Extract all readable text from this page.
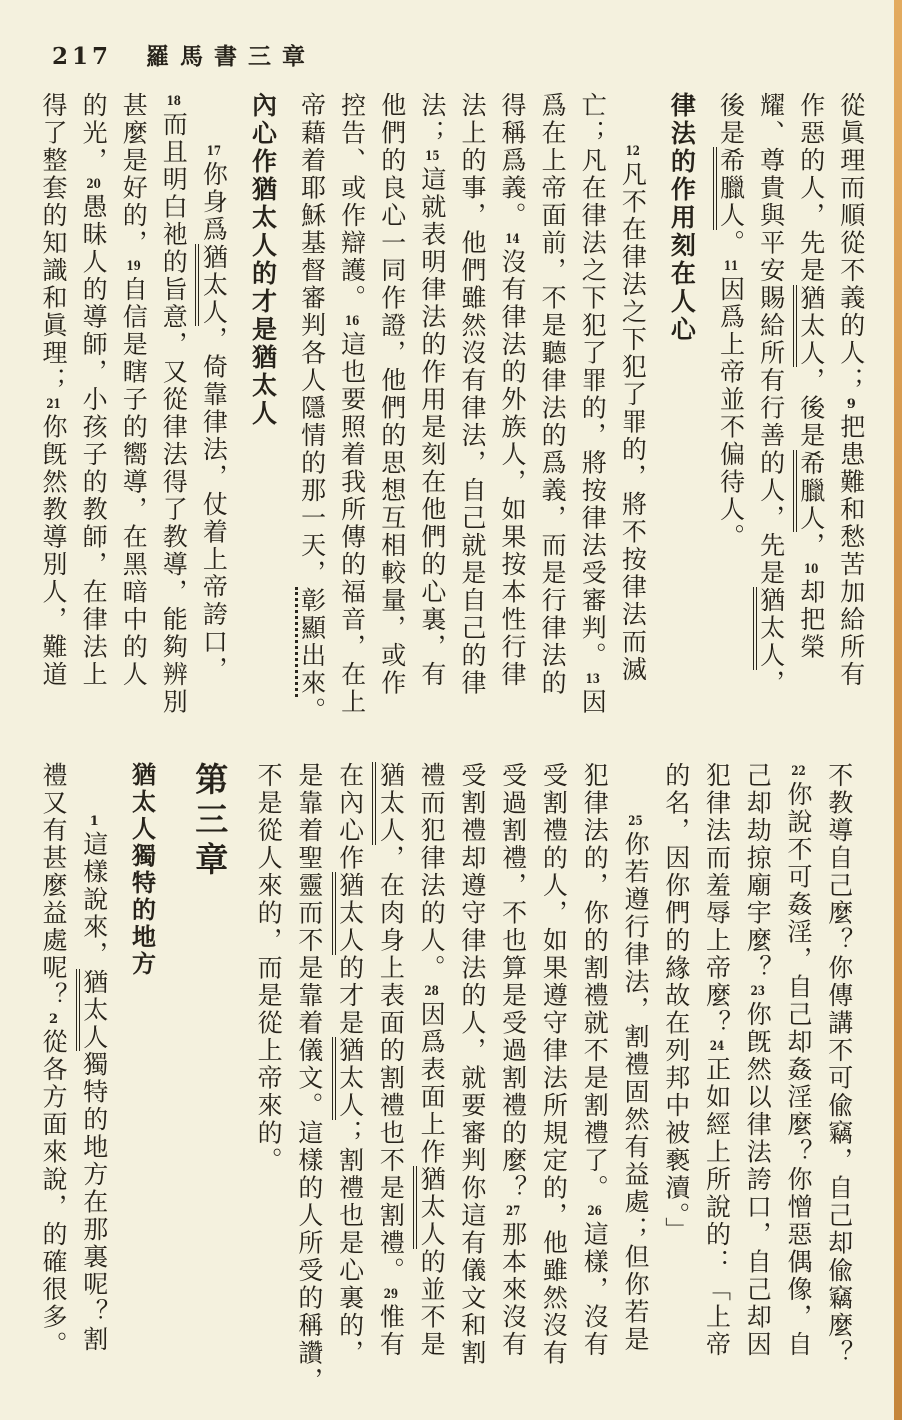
217 羅馬書三章
從眞理而順從不義的人；9把患難和愁苦加給所有
作惡的人，先是猶太人，後是希臘人，10却把榮
耀、尊貴與平安賜給所有行善的人，先是猶太人，
後是希臘人。11因爲上帝並不偏待人。
律法的作用刻在人心
12凡不在律法之下犯了罪的，將不按律法而滅
亡；凡在律法之下犯了罪的，將按律法受審判。13因
爲在上帝面前，不是聽律法的爲義，而是行律法的
得稱爲義。14沒有律法的外族人，如果按本性行律
法上的事，他們雖然沒有律法，自己就是自己的律
法；15這就表明律法的作用是刻在他們的心裏，有
他們的良心一同作證，他們的思想互相較量，或作
控告、或作辯護。16這也要照着我所傳的福音，在上
帝藉着耶穌基督審判各人隱情的那一天，彰顯出來。
內心作猶太人的才是猶太人
17你身爲猶太人，倚靠律法，仗着上帝誇口，
18而且明白祂的旨意，又從律法得了教導，能夠辨別
甚麼是好的，19自信是瞎子的嚮導，在黑暗中的人
的光，20愚昧人的導師，小孩子的教師，在律法上
得了整套的知識和眞理；21你旣然教導別人，難道
不教導自己麼？你傳講不可偸竊，自己却偸竊麼？
22你說不可姦淫，自己却姦淫麼？你憎惡偶像，自
己却劫掠廟宇麼？23你旣然以律法誇口，自己却因
犯律法而羞辱上帝麼？24正如經上所說的：「上帝
的名，因你們的緣故在列邦中被褻瀆。」
25你若遵行律法，割禮固然有益處；但你若是
犯律法的，你的割禮就不是割禮了。26這樣，沒有
受割禮的人，如果遵守律法所規定的，他雖然沒有
受過割禮，不也算是受過割禮的麼？27那本來沒有
受割禮却遵守律法的人，就要審判你這有儀文和割
禮而犯律法的人。28因爲表面上作猶太人的並不是
猶太人，在肉身上表面的割禮也不是割禮。29惟有
在內心作猶太人的才是猶太人；割禮也是心裏的，
是靠着聖靈而不是靠着儀文。這樣的人所受的稱讚，
不是從人來的，而是從上帝來的。
第三章
猶太人獨特的地方
1這樣說來，猶太人獨特的地方在那裏呢？割
禮又有甚麼益處呢？2從各方面來說，的確很多。
